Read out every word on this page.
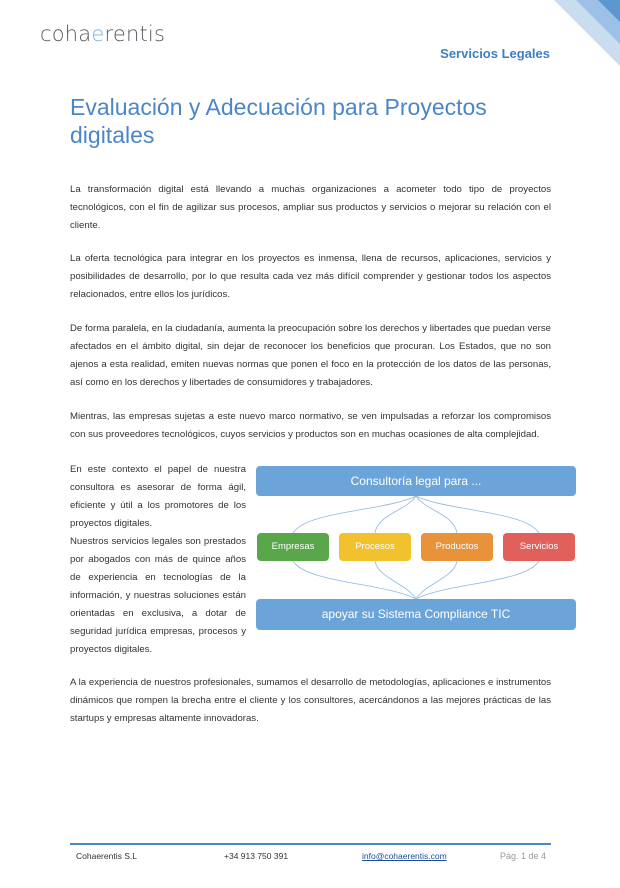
cohaerentis
Servicios Legales
Evaluación y Adecuación para Proyectos digitales

La transformación digital está llevando a muchas organizaciones a acometer todo tipo de proyectos tecnológicos, con el fin de agilizar sus procesos, ampliar sus productos y servicios o mejorar su relación con el cliente.

La oferta tecnológica para integrar en los proyectos es inmensa, llena de recursos, aplicaciones, servicios y posibilidades de desarrollo, por lo que resulta cada vez más difícil comprender y gestionar todos los aspectos relacionados, entre ellos los jurídicos.

De forma paralela, en la ciudadanía, aumenta la preocupación sobre los derechos y libertades que puedan verse afectados en el ámbito digital, sin dejar de reconocer los beneficios que procuran. Los Estados, que no son ajenos a esta realidad, emiten nuevas normas que ponen el foco en la protección de los datos de las personas, así como en los derechos y libertades de consumidores y trabajadores.

Mientras, las empresas sujetas a este nuevo marco normativo, se ven impulsadas a reforzar los compromisos con sus proveedores tecnológicos, cuyos servicios y productos son en muchas ocasiones de alta complejidad.

En este contexto el papel de nuestra consultora es asesorar de forma ágil, eficiente y útil a los promotores de los proyectos digitales.

Nuestros servicios legales son prestados por abogados con más de quince años de experiencia en tecnologías de la información, y nuestras soluciones están orientadas en exclusiva, a dotar de seguridad jurídica empresas, procesos y proyectos digitales.

Consultoría legal para ...
Empresas	Procesos	Productos	Servicios
apoyar su Sistema Compliance TIC

A la experiencia de nuestros profesionales, sumamos el desarrollo de metodologías, aplicaciones e instrumentos dinámicos que rompen la brecha entre el cliente y los consultores, acercándonos a las mejores prácticas de las startups y empresas altamente innovadoras.

Cohaerentis S.L	+34 913 750 391	info@cohaerentis.com	Pág. 1 de 4
